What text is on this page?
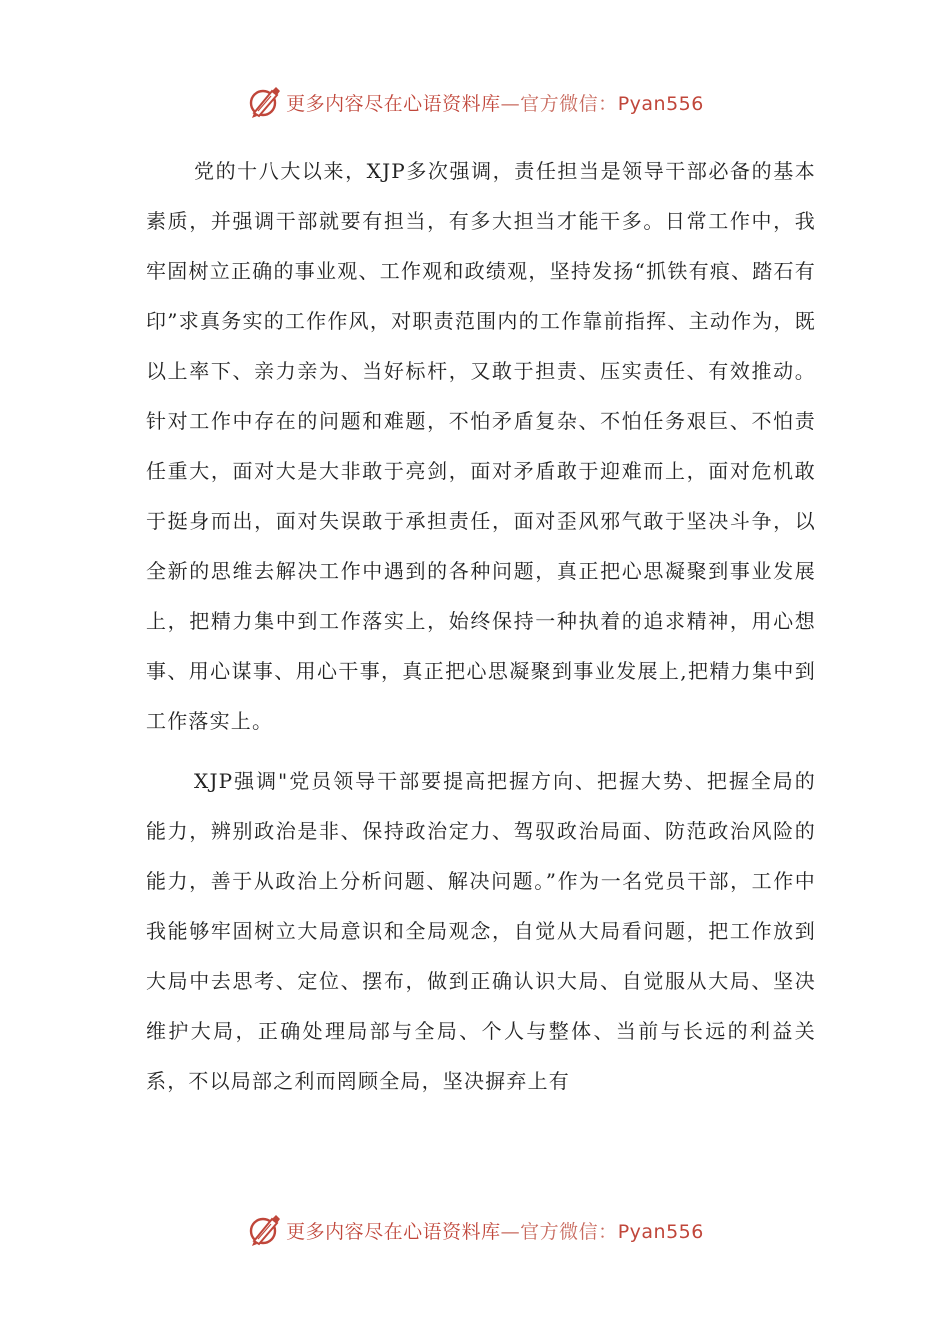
更多内容尽在心语资料库—官方微信：Pyan556

党的十八大以来，XJP多次强调，责任担当是领导干部必备的基本素质，并强调干部就要有担当，有多大担当才能干多。日常工作中，我牢固树立正确的事业观、工作观和政绩观，坚持发扬“抓铁有痕、踏石有印”求真务实的工作作风，对职责范围内的工作靠前指挥、主动作为，既以上率下、亲力亲为、当好标杆，又敢于担责、压实责任、有效推动。针对工作中存在的问题和难题，不怕矛盾复杂、不怕任务艰巨、不怕责任重大，面对大是大非敢于亮剑，面对矛盾敢于迎难而上，面对危机敢于挺身而出，面对失误敢于承担责任，面对歪风邪气敢于坚决斗争，以全新的思维去解决工作中遇到的各种问题，真正把心思凝聚到事业发展上，把精力集中到工作落实上，始终保持一种执着的追求精神，用心想事、用心谋事、用心干事，真正把心思凝聚到事业发展上,把精力集中到工作落实上。

XJP强调"党员领导干部要提高把握方向、把握大势、把握全局的能力，辨别政治是非、保持政治定力、驾驭政治局面、防范政治风险的能力，善于从政治上分析问题、解决问题。”作为一名党员干部，工作中我能够牢固树立大局意识和全局观念，自觉从大局看问题，把工作放到大局中去思考、定位、摆布，做到正确认识大局、自觉服从大局、坚决维护大局，正确处理局部与全局、个人与整体、当前与长远的利益关系，不以局部之利而罔顾全局，坚决摒弃上有

更多内容尽在心语资料库—官方微信：Pyan556
